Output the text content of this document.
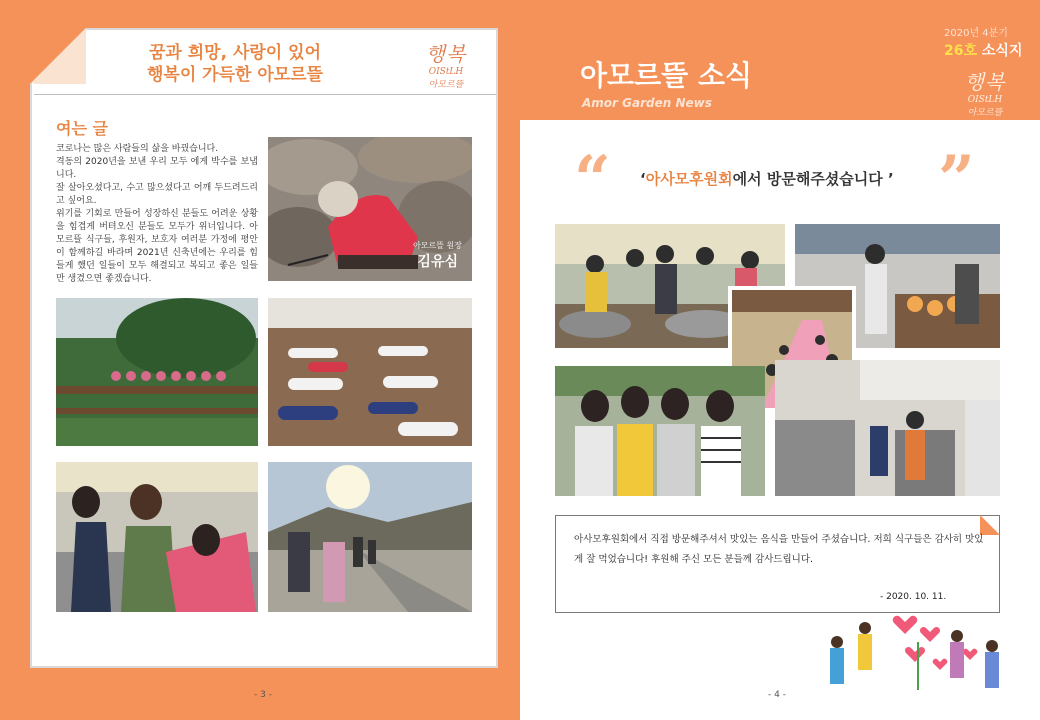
꿈과 희망, 사랑이 있어
행복이 가득한 아모르뜰
행복
OIStLH
아모르뜰
여는 글

코로나는 많은 사람들의 삶을 바꿨습니다.
격동의 2020년을 보낸 우리 모두 에게 박수를 보냅니다.
잘 살아오셨다고, 수고 많으셨다고 어깨 두드려드리고 싶어요.
위기를 기회로 만들어 성장하신 분들도 어려운 상황을 힘겹게 버텨오신 분들도 모두가 위너입니다. 아모르뜰 식구들, 후원자, 보호자 여러분 가정에 평안이 함께하길 바라며 2021년 신축년에는 우리를 힘들게 했던 일들이 모두 해결되고 복되고 좋은 일들만 생겼으면 좋겠습니다.

아모르뜰 원장
김유심
- 3 -
아모르뜰 소식
Amor Garden News
2020년 4분기
26호 소식지
행복
OIStLH
아모르뜰
“	”
‘아사모후원회에서 방문해주셨습니다 ’
아사모후원회에서 직접 방문해주셔서 맛있는 음식을 만들어 주셨습니다. 저희 식구들은 감사히 맛있게 잘 먹었습니다! 후원해 주신 모든 분들께 감사드립니다.
- 2020. 10. 11.
- 4 -
